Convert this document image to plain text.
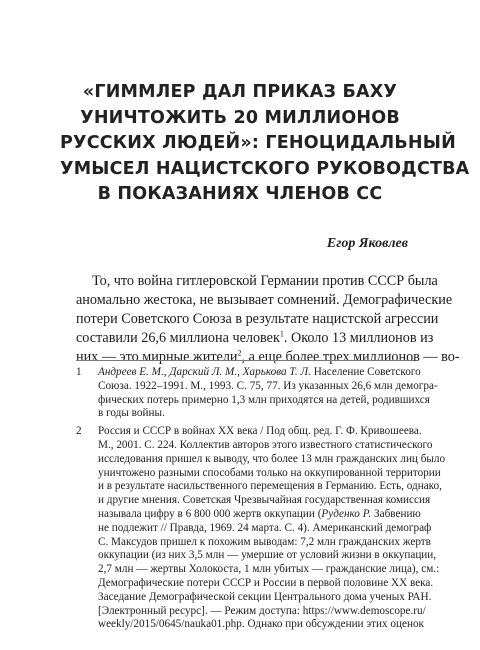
«ГИММЛЕР ДАЛ ПРИКАЗ БАХУ
УНИЧТОЖИТЬ 20 МИЛЛИОНОВ
РУССКИХ ЛЮДЕЙ»: ГЕНОЦИДАЛЬНЫЙ
УМЫСЕЛ НАЦИСТСКОГО РУКОВОДСТВА
В ПОКАЗАНИЯХ ЧЛЕНОВ СС

Егор Яковлев

То, что война гитлеровской Германии против СССР была
аномально жестока, не вызывает сомнений. Демографические
потери Советского Союза в результате нацистской агрессии
составили 26,6 миллиона человек$^1$. Около 13 миллионов из
них — это мирные жители$^2$, а еще более трех миллионов — во-
1 Андреев Е. М., Дарский Л. М., Харькова Т. Л. Население Советского
Союза. 1922–1991. М., 1993. С. 75, 77. Из указанных 26,6 млн демогра-
фических потерь примерно 1,3 млн приходятся на детей, родившихся
в годы войны.
2 Россия и СССР в войнах XX века / Под общ. ред. Г. Ф. Кривошеева.
М., 2001. С. 224. Коллектив авторов этого известного статистического
исследования пришел к выводу, что более 13 млн гражданских лиц было
уничтожено разными способами только на оккупированной территории
и в результате насильственного перемещения в Германию. Есть, однако,
и другие мнения. Советская Чрезвычайная государственная комиссия
называла цифру в 6 800 000 жертв оккупации (Руденко Р. Забвению
не подлежит // Правда, 1969. 24 марта. С. 4). Американский демограф
С. Максудов пришел к похожим выводам: 7,2 млн гражданских жертв
оккупации (из них 3,5 млн — умершие от условий жизни в оккупации,
2,7 млн — жертвы Холокоста, 1 млн убитых — гражданские лица), см.:
Демографические потери СССР и России в первой половине XX века.
Заседание Демографической секции Центрального дома ученых РАН.
[Электронный ресурс]. — Режим доступа: https://www.demoscope.ru/
weekly/2015/0645/nauka01.php. Однако при обсуждении этих оценок
